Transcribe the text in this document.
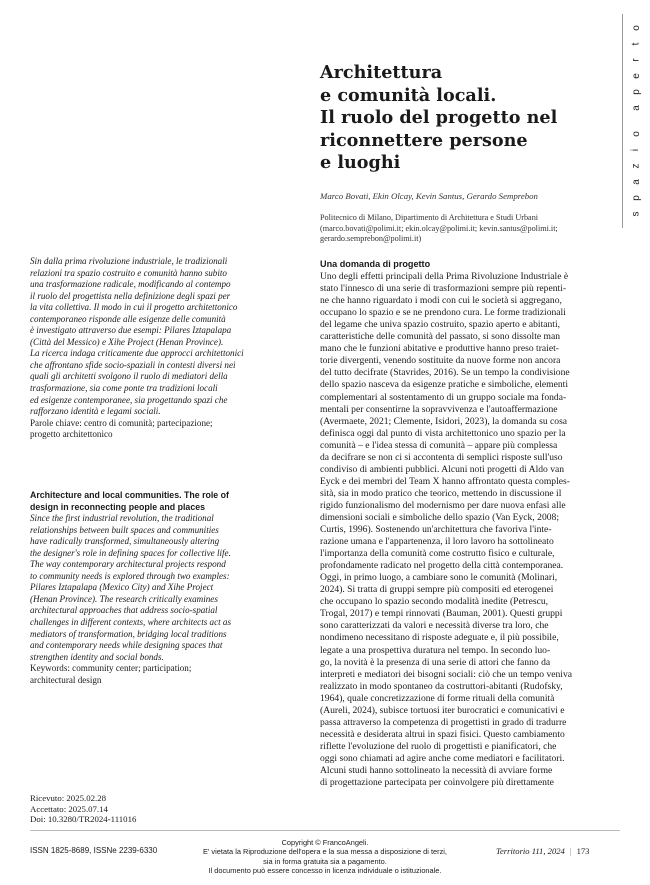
o
t
r
e
p
a
o
i
z
a
p
s
Architettura
e comunità locali.
Il ruolo del progetto nel
riconnettere persone
e luoghi
Marco Bovati, Ekin Olcay, Kevin Santus, Gerardo Semprebon
Politecnico di Milano, Dipartimento di Architettura e Studi Urbani
(marco.bovati@polimi.it; ekin.olcay@polimi.it; kevin.santus@polimi.it;
gerardo.semprebon@polimi.it)
Sin dalla prima rivoluzione industriale, le tradizionali
relazioni tra spazio costruito e comunità hanno subito
una trasformazione radicale, modificando al contempo
il ruolo del progettista nella definizione degli spazi per
la vita collettiva. Il modo in cui il progetto architettonico
contemporaneo risponde alle esigenze delle comunità
è investigato attraverso due esempi: Pilares Iztapalapa
(Città del Messico) e Xihe Project (Henan Province).
La ricerca indaga criticamente due approcci architettonici
che affrontano sfide socio-spaziali in contesti diversi nei
quali gli architetti svolgono il ruolo di mediatori della
trasformazione, sia come ponte tra tradizioni locali
ed esigenze contemporanee, sia progettando spazi che
rafforzano identità e legami sociali.
Parole chiave: centro di comunità; partecipazione;
progetto architettonico
Architecture and local communities. The role of
design in reconnecting people and places
Since the first industrial revolution, the traditional
relationships between built spaces and communities
have radically transformed, simultaneously altering
the designer's role in defining spaces for collective life.
The way contemporary architectural projects respond
to community needs is explored through two examples:
Pilares Iztapalapa (Mexico City) and Xihe Project
(Henan Province). The research critically examines
architectural approaches that address socio-spatial
challenges in different contexts, where architects act as
mediators of transformation, bridging local traditions
and contemporary needs while designing spaces that
strengthen identity and social bonds.
Keywords: community center; participation;
architectural design
Ricevuto: 2025.02.28
Accettato: 2025.07.14
Doi: 10.3280/TR2024-111016
Una domanda di progetto
Uno degli effetti principali della Prima Rivoluzione Industriale è
stato l'innesco di una serie di trasformazioni sempre più repenti-
ne che hanno riguardato i modi con cui le società si aggregano,
occupano lo spazio e se ne prendono cura. Le forme tradizionali
del legame che univa spazio costruito, spazio aperto e abitanti,
caratteristiche delle comunità del passato, si sono dissolte man
mano che le funzioni abitative e produttive hanno preso traiet-
torie divergenti, venendo sostituite da nuove forme non ancora
del tutto decifrate (Stavrides, 2016). Se un tempo la condivisione
dello spazio nasceva da esigenze pratiche e simboliche, elementi
complementari al sostentamento di un gruppo sociale ma fonda-
mentali per consentirne la sopravvivenza e l'autoaffermazione
(Avermaete, 2021; Clemente, Isidori, 2023), la domanda su cosa
definisca oggi dal punto di vista architettonico uno spazio per la
comunità – e l'idea stessa di comunità – appare più complessa
da decifrare se non ci si accontenta di semplici risposte sull'uso
condiviso di ambienti pubblici. Alcuni noti progetti di Aldo van
Eyck e dei membri del Team X hanno affrontato questa comples-
sità, sia in modo pratico che teorico, mettendo in discussione il
rigido funzionalismo del modernismo per dare nuova enfasi alle
dimensioni sociali e simboliche dello spazio (Van Eyck, 2008;
Curtis, 1996). Sostenendo un'architettura che favoriva l'inte-
razione umana e l'appartenenza, il loro lavoro ha sottolineato
l'importanza della comunità come costrutto fisico e culturale,
profondamente radicato nel progetto della città contemporanea.
Oggi, in primo luogo, a cambiare sono le comunità (Molinari,
2024). Si tratta di gruppi sempre più compositi ed eterogenei
che occupano lo spazio secondo modalità inedite (Petrescu,
Trogal, 2017) e tempi rinnovati (Bauman, 2001). Questi gruppi
sono caratterizzati da valori e necessità diverse tra loro, che
nondimeno necessitano di risposte adeguate e, il più possibile,
legate a una prospettiva duratura nel tempo. In secondo luo-
go, la novità è la presenza di una serie di attori che fanno da
interpreti e mediatori dei bisogni sociali: ciò che un tempo veniva
realizzato in modo spontaneo da costruttori-abitanti (Rudofsky,
1964), quale concretizzazione di forme rituali della comunità
(Aureli, 2024), subisce tortuosi iter burocratici e comunicativi e
passa attraverso la competenza di progettisti in grado di tradurre
necessità e desiderata altrui in spazi fisici. Questo cambiamento
riflette l'evoluzione del ruolo di progettisti e pianificatori, che
oggi sono chiamati ad agire anche come mediatori e facilitatori.
Alcuni studi hanno sottolineato la necessità di avviare forme
di progettazione partecipata per coinvolgere più direttamente
ISSN 1825-8689, ISSNe 2239-6330
Copyright © FrancoAngeli.
E' vietata la Riproduzione dell'opera e la sua messa a disposizione di terzi,
sia in forma gratuita sia a pagamento.
Il documento può essere concesso in licenza individuale o istituzionale.
Territorio 111, 2024 | 173
